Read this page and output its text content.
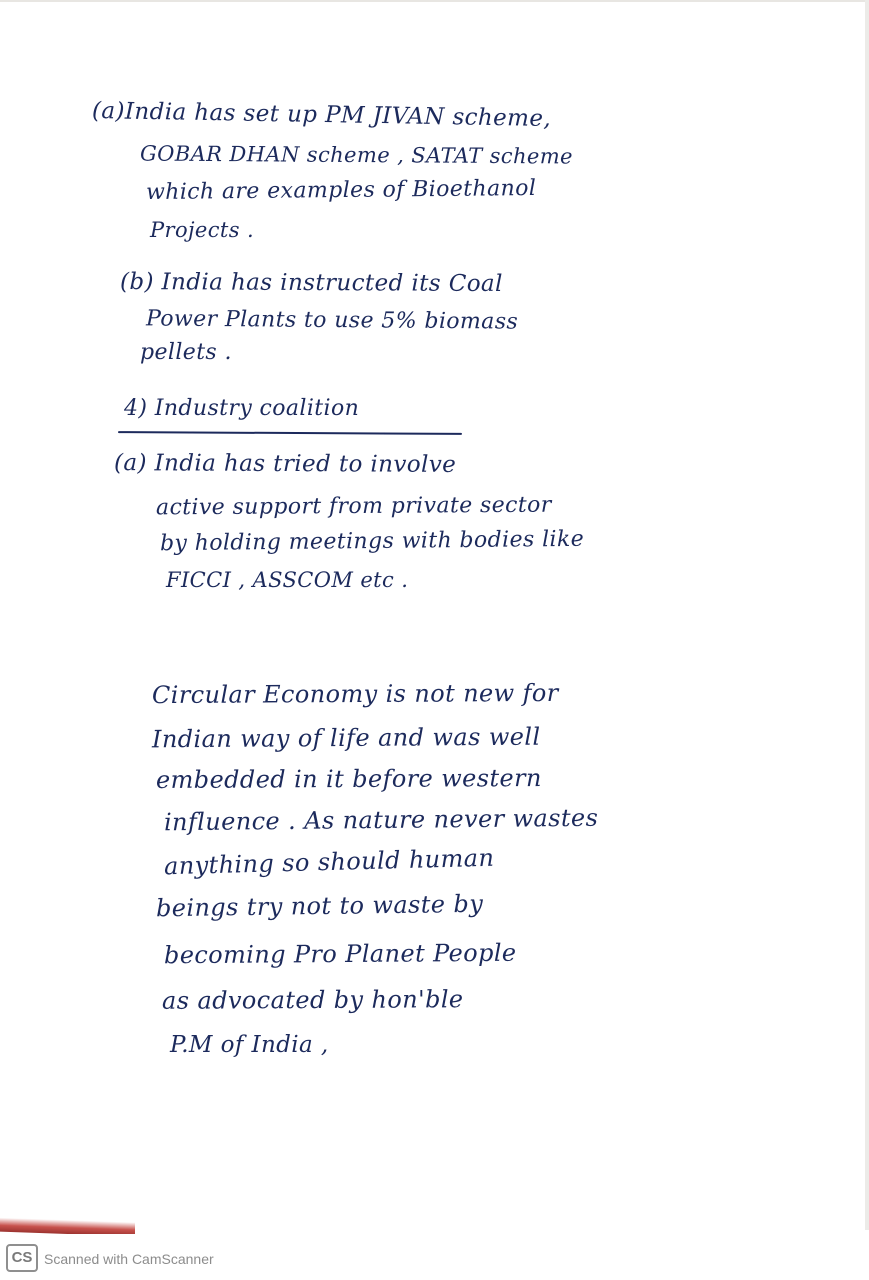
(a)India has set up PM JIVAN scheme,

GOBAR DHAN scheme , SATAT scheme

which are examples of Bioethanol

Projects .

(b) India has instructed its Coal

Power Plants to use 5% biomass

pellets .

4) Industry coalition

(a) India has tried to involve

active support from private sector

by holding meetings with bodies like

FICCI , ASSCOM etc .

Circular Economy is not new for

Indian way of life and was well

embedded in it before western

influence . As nature never wastes

anything so should human

beings try not to waste by

becoming Pro Planet People

as advocated by hon'ble

P.M of India ,

CS Scanned with CamScanner
